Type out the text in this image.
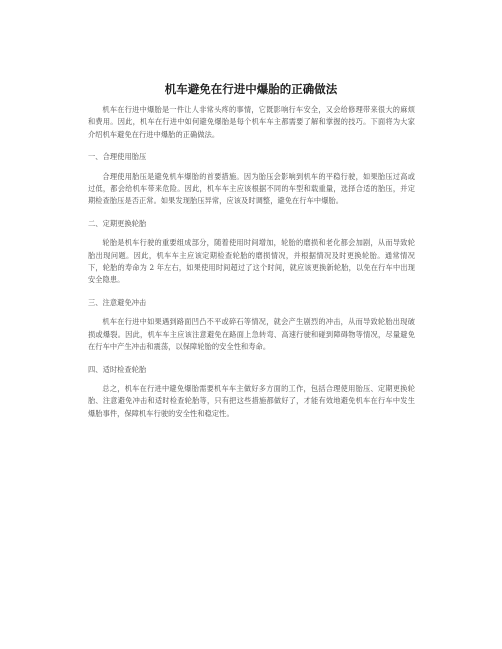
机车避免在行进中爆胎的正确做法

机车在行进中爆胎是一件让人非常头疼的事情，它既影响行车安全，又会给修理带来很大的麻烦和费用。因此，机车在行进中如何避免爆胎是每个机车车主都需要了解和掌握的技巧。下面将为大家介绍机车避免在行进中爆胎的正确做法。

一、合理使用胎压

合理使用胎压是避免机车爆胎的首要措施。因为胎压会影响到机车的平稳行驶，如果胎压过高或过低，都会给机车带来危险。因此，机车车主应该根据不同的车型和载重量，选择合适的胎压，并定期检查胎压是否正常。如果发现胎压异常，应该及时调整，避免在行车中爆胎。

二、定期更换轮胎

轮胎是机车行驶的重要组成部分，随着使用时间增加，轮胎的磨损和老化都会加剧，从而导致轮胎出现问题。因此，机车车主应该定期检查轮胎的磨损情况，并根据情况及时更换轮胎。通常情况下，轮胎的寿命为 2 年左右，如果使用时间超过了这个时间，就应该更换新轮胎，以免在行车中出现安全隐患。

三、注意避免冲击

机车在行进中如果遇到路面凹凸不平或碎石等情况，就会产生剧烈的冲击，从而导致轮胎出现破损或爆裂。因此，机车车主应该注意避免在路面上急转弯、高速行驶和碰到障碍物等情况，尽量避免在行车中产生冲击和震荡，以保障轮胎的安全性和寿命。

四、适时检查轮胎

总之，机车在行进中避免爆胎需要机车车主做好多方面的工作，包括合理使用胎压、定期更换轮胎、注意避免冲击和适时检查轮胎等，只有把这些措施都做好了，才能有效地避免机车在行车中发生爆胎事件，保障机车行驶的安全性和稳定性。
